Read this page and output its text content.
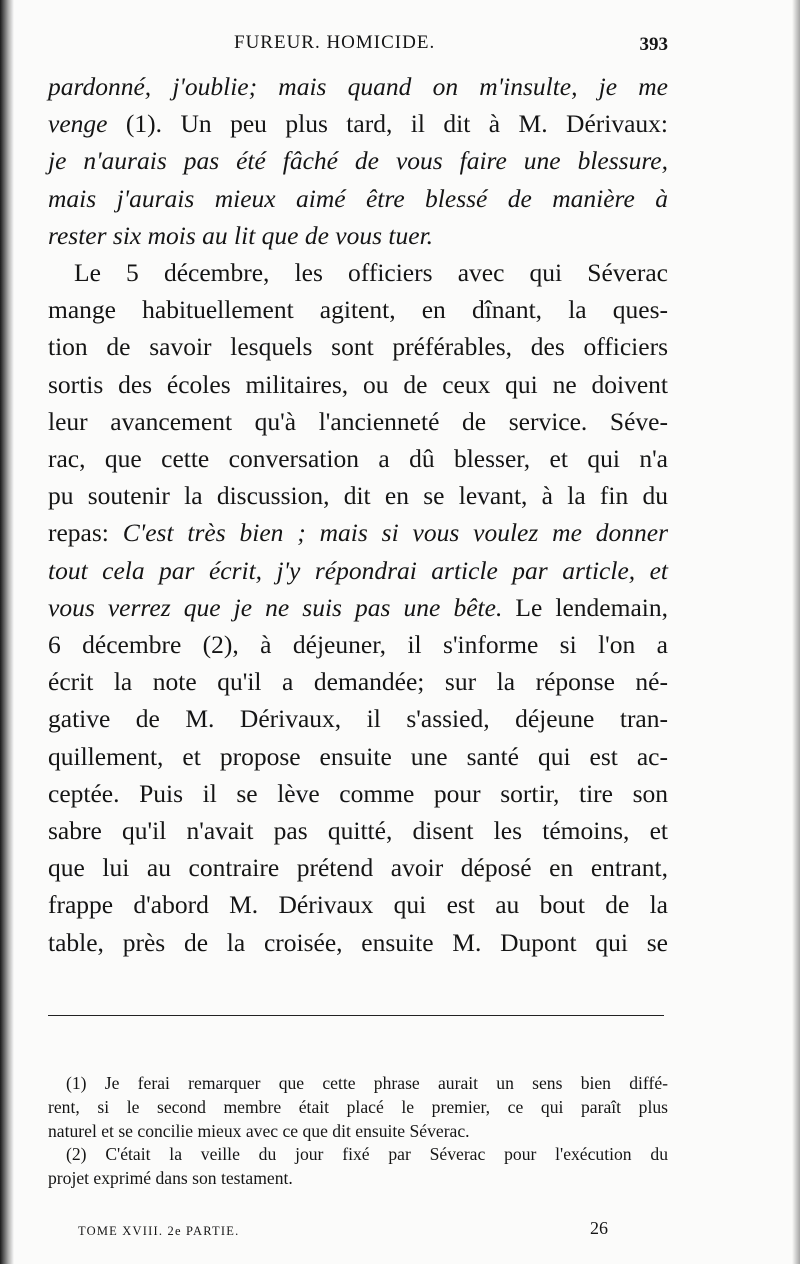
FUREUR. HOMICIDE.	393
pardonné, j'oublie; mais quand on m'insulte, je me
venge (1). Un peu plus tard, il dit à M. Dérivaux:
je n'aurais pas été fâché de vous faire une blessure,
mais j'aurais mieux aimé être blessé de manière à
rester six mois au lit que de vous tuer.
Le 5 décembre, les officiers avec qui Séverac
mange habituellement agitent, en dînant, la ques-
tion de savoir lesquels sont préférables, des officiers
sortis des écoles militaires, ou de ceux qui ne doivent
leur avancement qu'à l'ancienneté de service. Séve-
rac, que cette conversation a dû blesser, et qui n'a
pu soutenir la discussion, dit en se levant, à la fin du
repas: C'est très bien ; mais si vous voulez me donner
tout cela par écrit, j'y répondrai article par article, et
vous verrez que je ne suis pas une bête. Le lendemain,
6 décembre (2), à déjeuner, il s'informe si l'on a
écrit la note qu'il a demandée; sur la réponse né-
gative de M. Dérivaux, il s'assied, déjeune tran-
quillement, et propose ensuite une santé qui est ac-
ceptée. Puis il se lève comme pour sortir, tire son
sabre qu'il n'avait pas quitté, disent les témoins, et
que lui au contraire prétend avoir déposé en entrant,
frappe d'abord M. Dérivaux qui est au bout de la
table, près de la croisée, ensuite M. Dupont qui se
(1) Je ferai remarquer que cette phrase aurait un sens bien diffé-
rent, si le second membre était placé le premier, ce qui paraît plus
naturel et se concilie mieux avec ce que dit ensuite Séverac.
(2) C'était la veille du jour fixé par Séverac pour l'exécution du
projet exprimé dans son testament.
TOME XVIII. 2e PARTIE.	26
